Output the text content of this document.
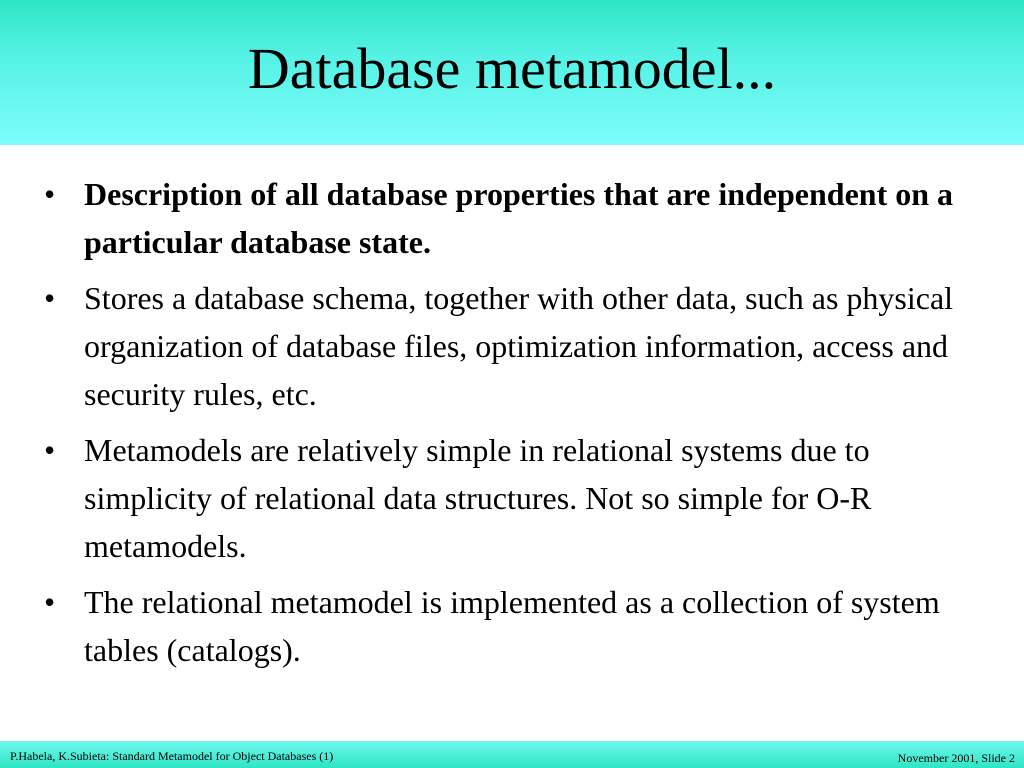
Database metamodel...
• Description of all database properties that are independent on a particular database state.
• Stores a database schema, together with other data, such as physical organization of database files, optimization information, access and security rules, etc.
• Metamodels are relatively simple in relational systems due to simplicity of relational data structures. Not so simple for O-R metamodels.
• The relational metamodel is implemented as a collection of system tables (catalogs).
P.Habela, K.Subieta: Standard Metamodel for Object Databases (1)	November 2001, Slide 2
